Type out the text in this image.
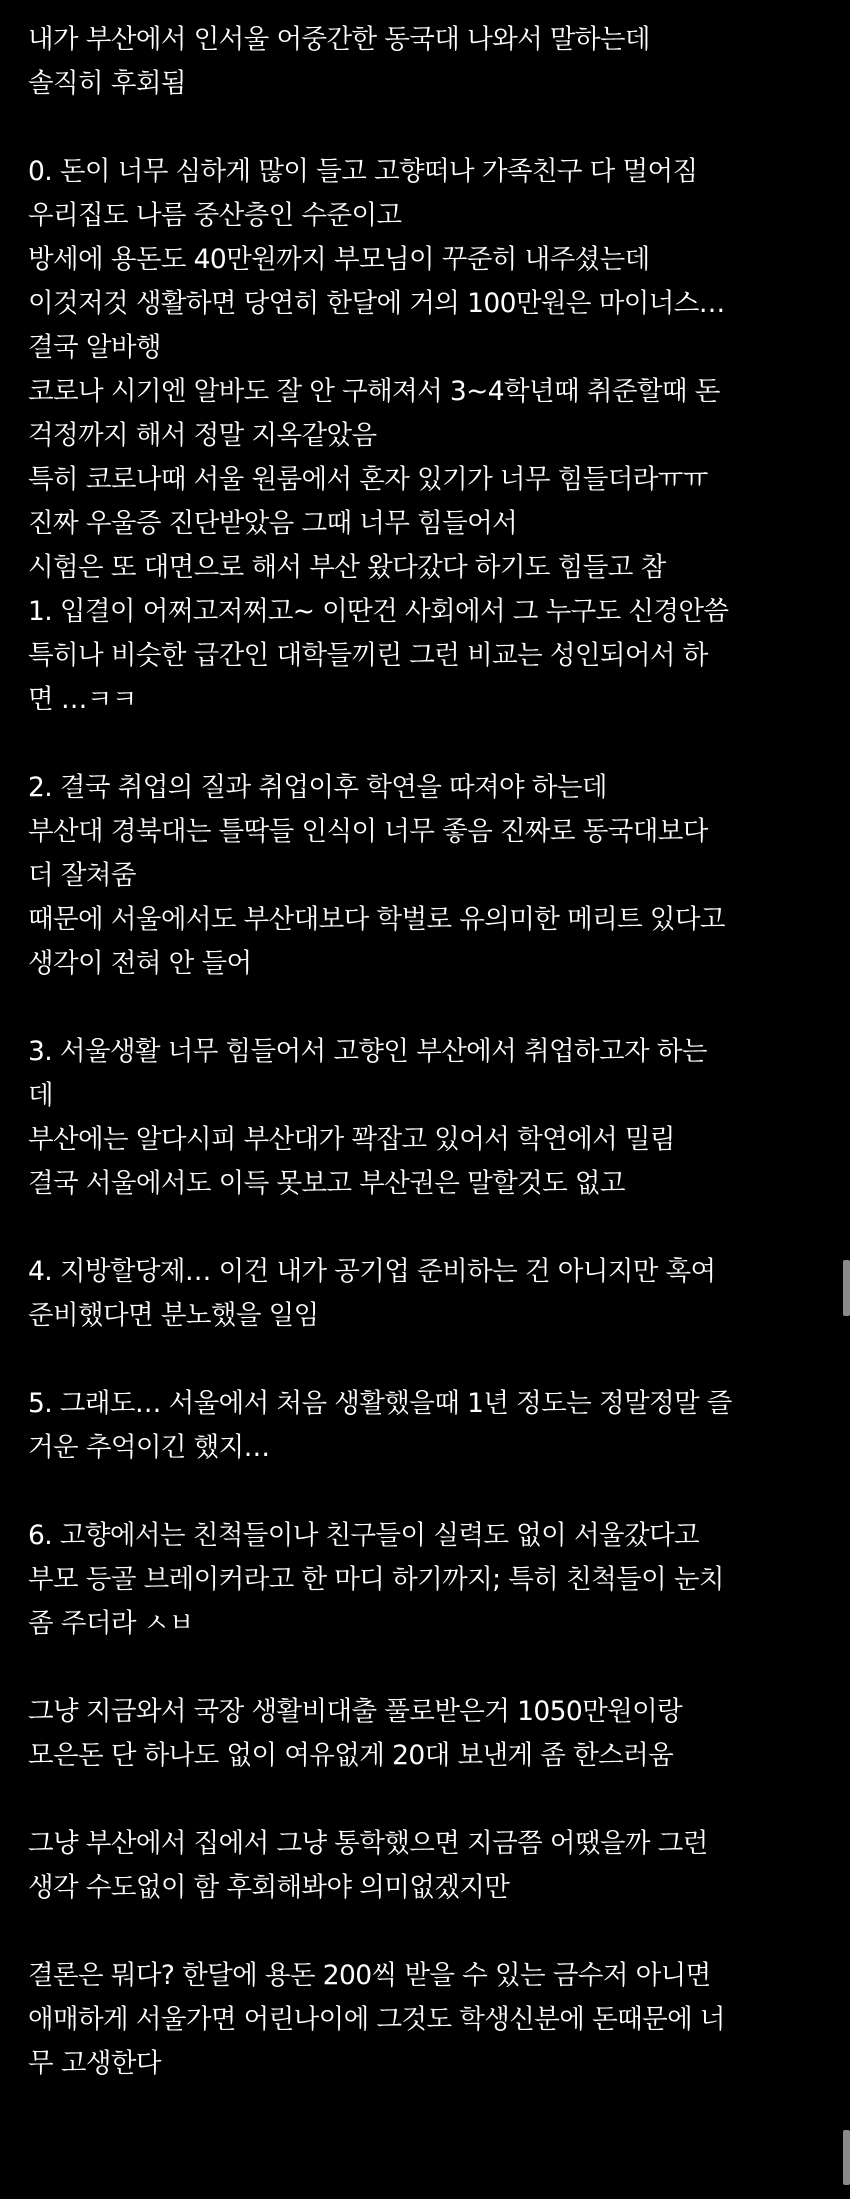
내가 부산에서 인서울 어중간한 동국대 나와서 말하는데
솔직히 후회됨
0. 돈이 너무 심하게 많이 들고 고향떠나 가족친구 다 멀어짐
우리집도 나름 중산층인 수준이고
방세에 용돈도 40만원까지 부모님이 꾸준히 내주셨는데
이것저것 생활하면 당연히 한달에 거의 100만원은 마이너스…
결국 알바행
코로나 시기엔 알바도 잘 안 구해져서 3~4학년때 취준할때 돈
걱정까지 해서 정말 지옥같았음
특히 코로나때 서울 원룸에서 혼자 있기가 너무 힘들더라ㅠㅠ
진짜 우울증 진단받았음 그때 너무 힘들어서
시험은 또 대면으로 해서 부산 왔다갔다 하기도 힘들고 참
1. 입결이 어쩌고저쩌고~ 이딴건 사회에서 그 누구도 신경안씀
특히나 비슷한 급간인 대학들끼린 그런 비교는 성인되어서 하
면 …ㅋㅋ
2. 결국 취업의 질과 취업이후 학연을 따져야 하는데
부산대 경북대는 틀딱들 인식이 너무 좋음 진짜로 동국대보다
더 잘쳐줌
때문에 서울에서도 부산대보다 학벌로 유의미한 메리트 있다고
생각이 전혀 안 들어
3. 서울생활 너무 힘들어서 고향인 부산에서 취업하고자 하는
데
부산에는 알다시피 부산대가 꽉잡고 있어서 학연에서 밀림
결국 서울에서도 이득 못보고 부산권은 말할것도 없고
4. 지방할당제… 이건 내가 공기업 준비하는 건 아니지만 혹여
준비했다면 분노했을 일임
5. 그래도… 서울에서 처음 생활했을때 1년 정도는 정말정말 즐
거운 추억이긴 했지…
6. 고향에서는 친척들이나 친구들이 실력도 없이 서울갔다고
부모 등골 브레이커라고 한 마디 하기까지; 특히 친척들이 눈치
좀 주더라 ㅅㅂ
그냥 지금와서 국장 생활비대출 풀로받은거 1050만원이랑
모은돈 단 하나도 없이 여유없게 20대 보낸게 좀 한스러움
그냥 부산에서 집에서 그냥 통학했으면 지금쯤 어땠을까 그런
생각 수도없이 함 후회해봐야 의미없겠지만
결론은 뭐다? 한달에 용돈 200씩 받을 수 있는 금수저 아니면
애매하게 서울가면 어린나이에 그것도 학생신분에 돈때문에 너
무 고생한다
